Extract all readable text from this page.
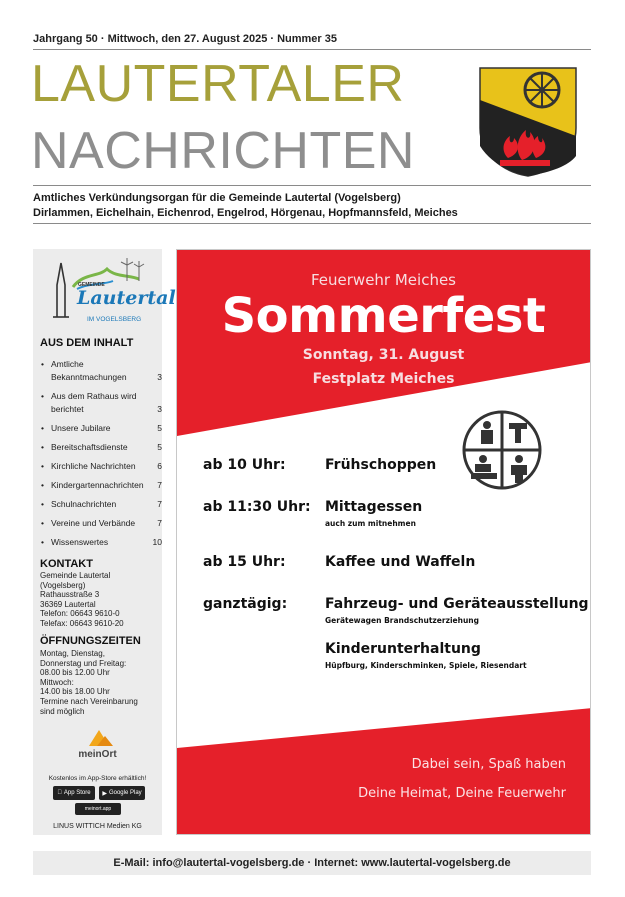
Jahrgang 50 · Mittwoch, den 27. August 2025 · Nummer 35
LAUTERTALER
NACHRICHTEN
Amtliches Verkündungsorgan für die Gemeinde Lautertal (Vogelsberg)
Dirlammen, Eichelhain, Eichenrod, Engelrod, Hörgenau, Hopfmannsfeld, Meiches
GEMEINDE
Lautertal
IM VOGELSBERG
AUS DEM INHALT
• Amtliche Bekanntmachungen	3
• Aus dem Rathaus wird berichtet	3
• Unsere Jubilare	5
• Bereitschaftsdienste	5
• Kirchliche Nachrichten	6
• Kindergartennachrichten 7
• Schulnachrichten	7
• Vereine und Verbände	7
• Wissenswertes	10
KONTAKT
Gemeinde Lautertal
(Vogelsberg)
Rathausstraße 3
36369 Lautertal
Telefon: 06643 9610-0
Telefax: 06643 9610-20
ÖFFNUNGSZEITEN
Montag, Dienstag,
Donnerstag und Freitag:
08.00 bis 12.00 Uhr
Mittwoch:
14.00 bis 18.00 Uhr
Termine nach Vereinbarung
sind möglich
meinOrt
Kostenlos im App-Store erhältlich!
App Store ▶ Google Play
meinort.app
LINUS WITTICH Medien KG
Feuerwehr Meiches
Sommerfest
Sonntag, 31. August
Festplatz Meiches
ab 10 Uhr:	Frühschoppen
ab 11:30 Uhr: Mittagessen
auch zum mitnehmen
ab 15 Uhr:	Kaffee und Waffeln
ganztägig:	Fahrzeug- und Geräteausstellung
Gerätewagen Brandschutzerziehung
Kinderunterhaltung
Hüpfburg, Kinderschminken, Spiele, Riesendart
Dabei sein, Spaß haben
Deine Heimat, Deine Feuerwehr
E-Mail: info@lautertal-vogelsberg.de · Internet: www.lautertal-vogelsberg.de
